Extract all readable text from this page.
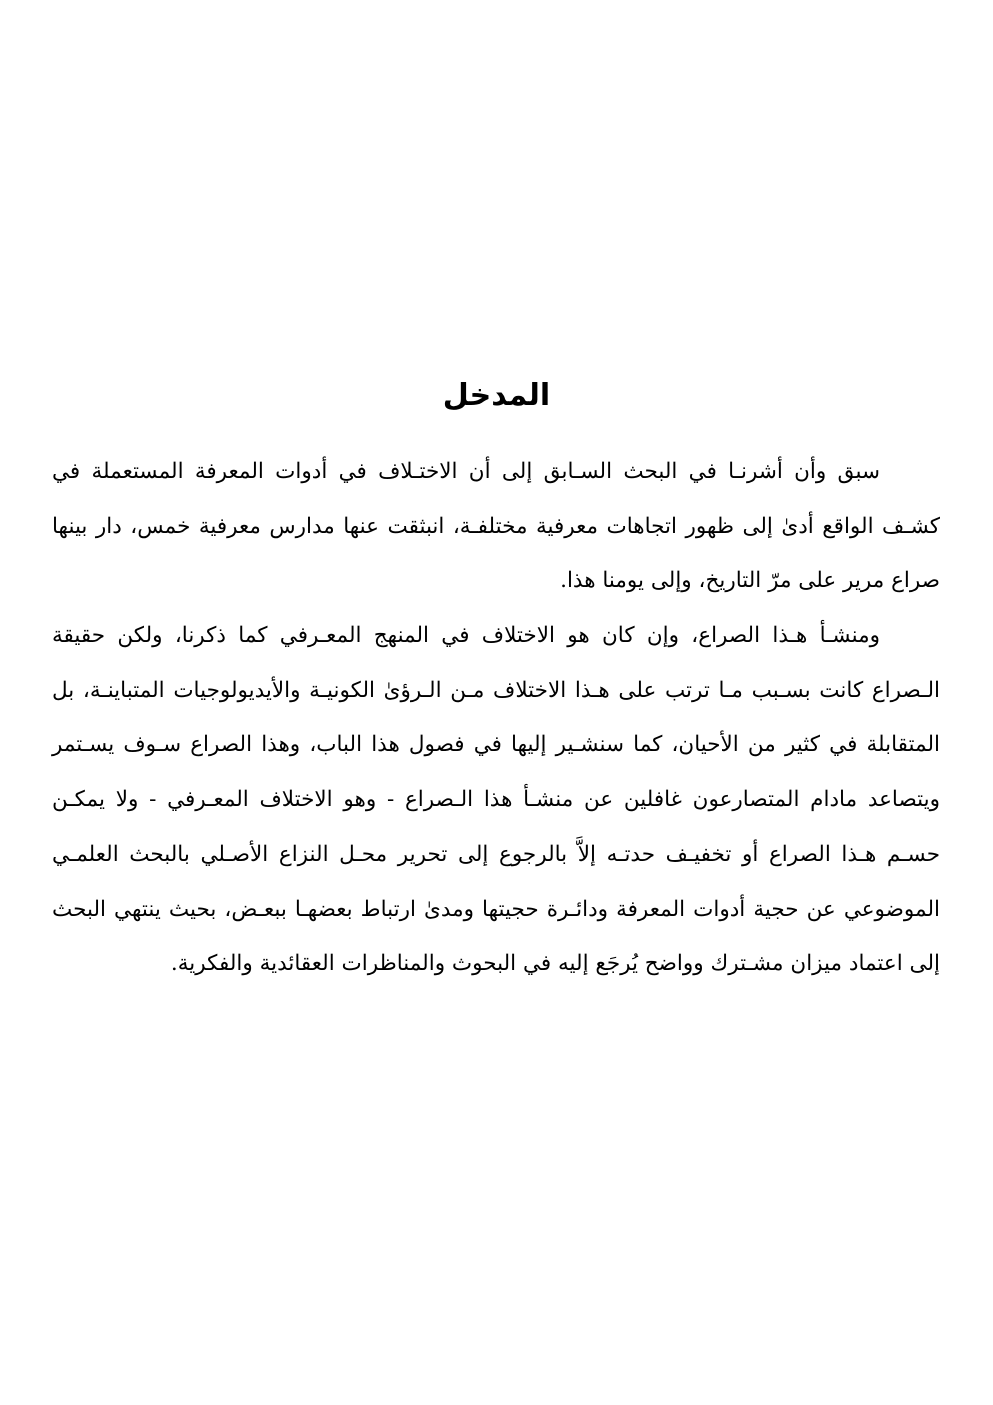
المدخل

سبق وأن أشرنـا في البحث السـابق إلى أن الاختـلاف في أدوات المعرفة المستعملة في كشـف الواقع أدىٰ إلى ظهور اتجاهات معرفية مختلفـة، انبثقت عنها مدارس معرفية خمس، دار بينها صراع مرير على مرّ التاريخ، وإلى يومنا هذا.

ومنشـأ هـذا الصراع، وإن كان هو الاختلاف في المنهج المعـرفي كما ذكرنا، ولكن حقيقة الـصراع كانت بسـبب مـا ترتب على هـذا الاختلاف مـن الـرؤىٰ الكونيـة والأيديولوجيات المتباينـة، بل المتقابلة في كثير من الأحيان، كما سنشـير إليها في فصول هذا الباب، وهذا الصراع سـوف يسـتمر ويتصاعد مادام المتصارعون غافلين عن منشـأ هذا الـصراع - وهو الاختلاف المعـرفي - ولا يمكـن حسـم هـذا الصراع أو تخفيـف حدتـه إلاَّ بالرجوع إلى تحرير محـل النزاع الأصـلي بالبحث العلمـي الموضوعي عن حجية أدوات المعرفة ودائـرة حجيتها ومدىٰ ارتباط بعضهـا ببعـض، بحيث ينتهي البحث إلى اعتماد ميزان مشـترك وواضح يُرجَع إليه في البحوث والمناظرات العقائدية والفكرية.
